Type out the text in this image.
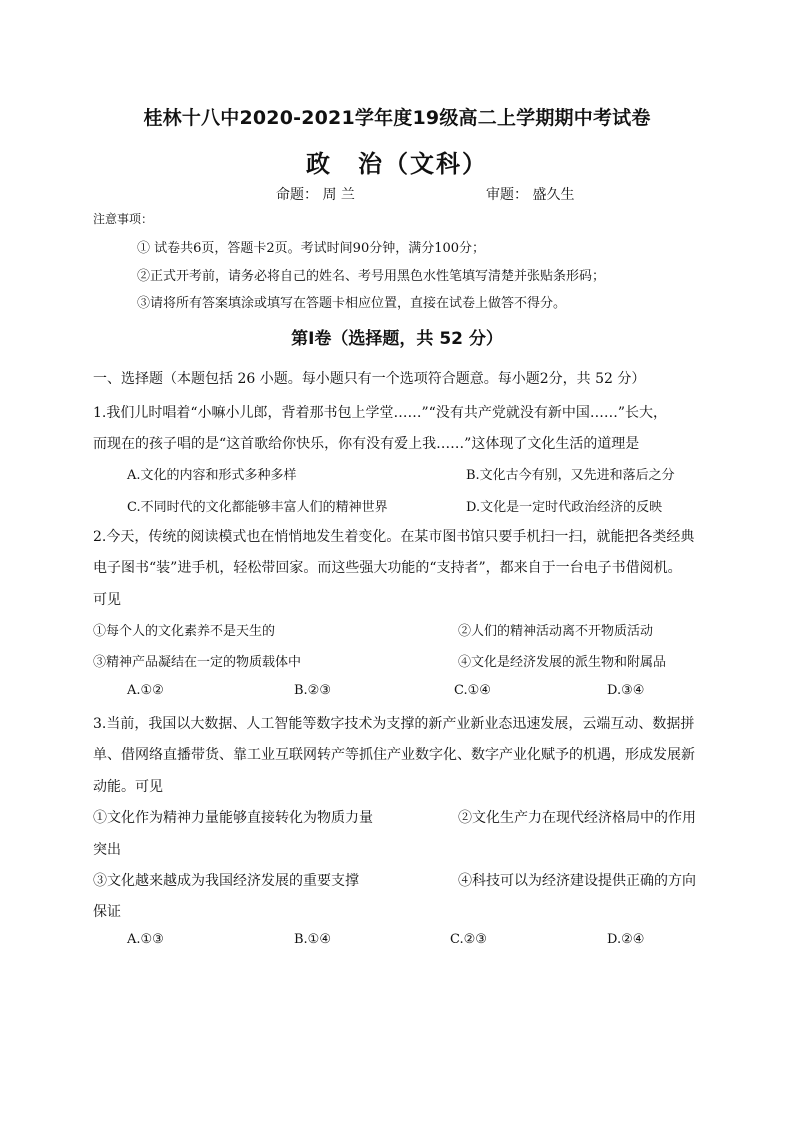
桂林十八中2020-2021学年度19级高二上学期期中考试卷
政　治（文科）
命题： 周 兰	审题： 盛久生
注意事项：
① 试卷共6页，答题卡2页。考试时间90分钟，满分100分；
②正式开考前，请务必将自己的姓名、考号用黑色水性笔填写清楚并张贴条形码；
③请将所有答案填涂或填写在答题卡相应位置，直接在试卷上做答不得分。
第Ⅰ卷（选择题，共 52 分）
一、选择题（本题包括 26 小题。每小题只有一个选项符合题意。每小题2分，共 52 分）
1.我们儿时唱着“小嘛小儿郎，背着那书包上学堂……”“没有共产党就没有新中国……”长大，
而现在的孩子唱的是“这首歌给你快乐，你有没有爱上我……”这体现了文化生活的道理是
A.文化的内容和形式多种多样	B.文化古今有别，又先进和落后之分
C.不同时代的文化都能够丰富人们的精神世界	D.文化是一定时代政治经济的反映
2.今天，传统的阅读模式也在悄悄地发生着变化。在某市图书馆只要手机扫一扫，就能把各类经典
电子图书“装”进手机，轻松带回家。而这些强大功能的“支持者”，都来自于一台电子书借阅机。
可见
①每个人的文化素养不是天生的	②人们的精神活动离不开物质活动
③精神产品凝结在一定的物质载体中	④文化是经济发展的派生物和附属品
A.①②	B.②③	C.①④	D.③④
3.当前，我国以大数据、人工智能等数字技术为支撑的新产业新业态迅速发展，云端互动、数据拼
单、借网络直播带货、靠工业互联网转产等抓住产业数字化、数字产业化赋予的机遇，形成发展新
动能。可见
①文化作为精神力量能够直接转化为物质力量	②文化生产力在现代经济格局中的作用
突出
③文化越来越成为我国经济发展的重要支撑	④科技可以为经济建设提供正确的方向
保证
A.①③	B.①④	C.②③	D.②④
